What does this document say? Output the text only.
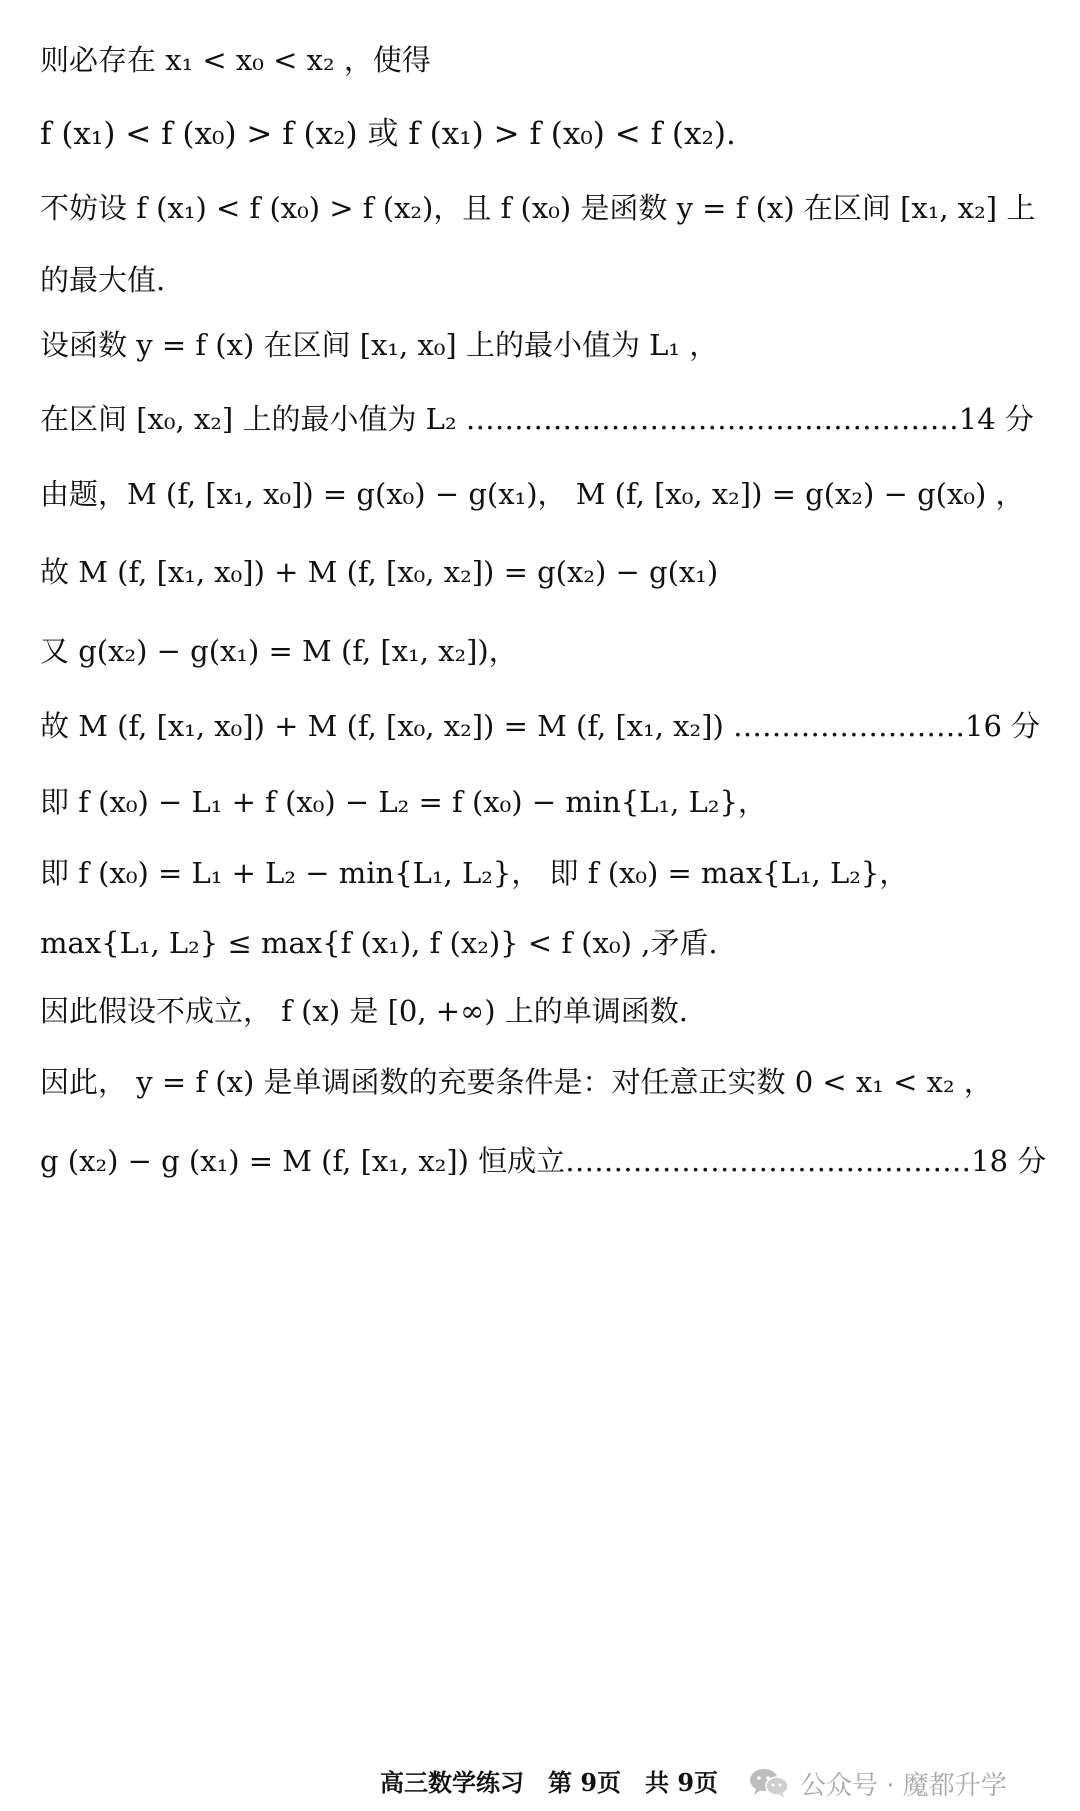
则必存在 x₁ < x₀ < x₂ ，使得
f (x₁) < f (x₀) > f (x₂) 或 f (x₁) > f (x₀) < f (x₂).
不妨设 f (x₁) < f (x₀) > f (x₂)，且 f (x₀) 是函数 y = f (x) 在区间 [x₁, x₂] 上
的最大值.
设函数 y = f (x) 在区间 [x₁, x₀] 上的最小值为 L₁ ，
在区间 [x₀, x₂] 上的最小值为 L₂ ……………………………………………14 分
由题，M (f, [x₁, x₀]) = g(x₀) − g(x₁)， M (f, [x₀, x₂]) = g(x₂) − g(x₀) ，
故 M (f, [x₁, x₀]) + M (f, [x₀, x₂]) = g(x₂) − g(x₁)
又 g(x₂) − g(x₁) = M (f, [x₁, x₂])，
故 M (f, [x₁, x₀]) + M (f, [x₀, x₂]) = M (f, [x₁, x₂]) ……………………16 分
即 f (x₀) − L₁ + f (x₀) − L₂ = f (x₀) − min{L₁, L₂}，
即 f (x₀) = L₁ + L₂ − min{L₁, L₂}， 即 f (x₀) = max{L₁, L₂}，
max{L₁, L₂} ≤ max{f (x₁), f (x₂)} < f (x₀) ,矛盾.
因此假设不成立， f (x) 是 [0, +∞) 上的单调函数.
因此， y = f (x) 是单调函数的充要条件是：对任意正实数 0 < x₁ < x₂ ，
g (x₂) − g (x₁) = M (f, [x₁, x₂]) 恒成立……………………………………18 分
高三数学练习　第 9页　共 9页	公众号 · 魔都升学
